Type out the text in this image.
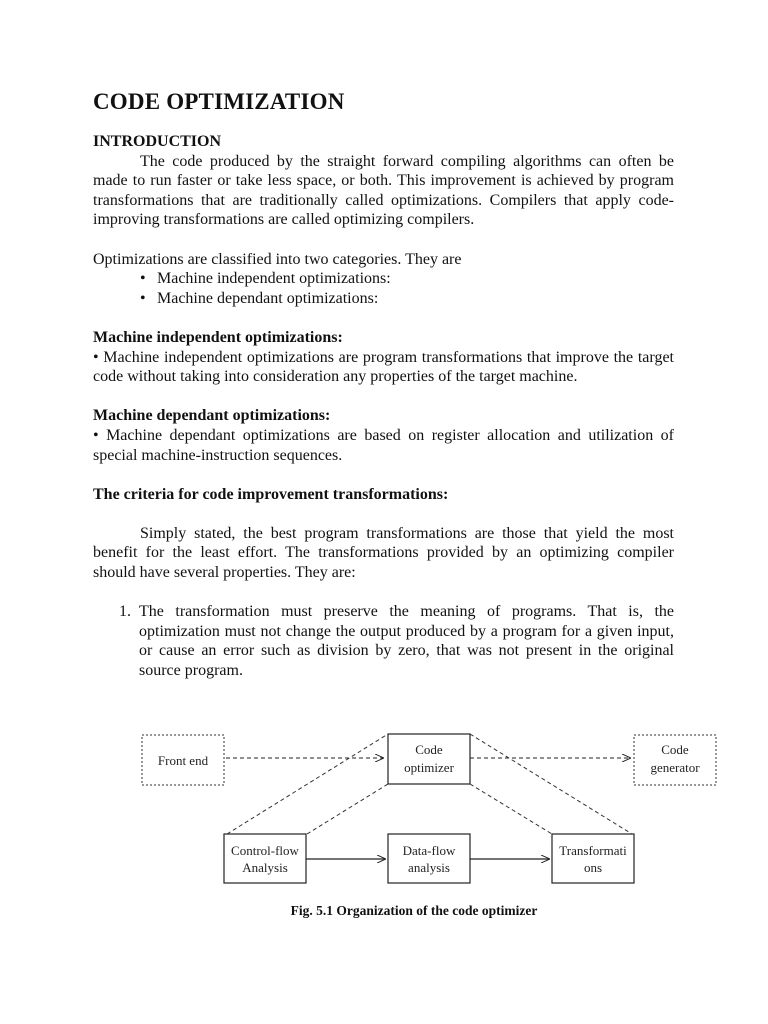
CODE OPTIMIZATION
INTRODUCTION

The code produced by the straight forward compiling algorithms can often be made to run faster or take less space, or both. This improvement is achieved by program transformations that are traditionally called optimizations. Compilers that apply code-improving transformations are called optimizing compilers.

Optimizations are classified into two categories. They are

• Machine independent optimizations:
• Machine dependant optimizations:
Machine independent optimizations:

• Machine independent optimizations are program transformations that improve the target code without taking into consideration any properties of the target machine.

Machine dependant optimizations:

• Machine dependant optimizations are based on register allocation and utilization of special machine-instruction sequences.

The criteria for code improvement transformations:

Simply stated, the best program transformations are those that yield the most benefit for the least effort. The transformations provided by an optimizing compiler should have several properties. They are:

1. The transformation must preserve the meaning of programs. That is, the optimization must not change the output produced by a program for a given input, or cause an error such as division by zero, that was not present in the original source program.
Front end
Code
optimizer
Code
generator
Control-flow
Analysis
Data-flow
analysis
Transformati
ons
Fig. 5.1 Organization of the code optimizer
